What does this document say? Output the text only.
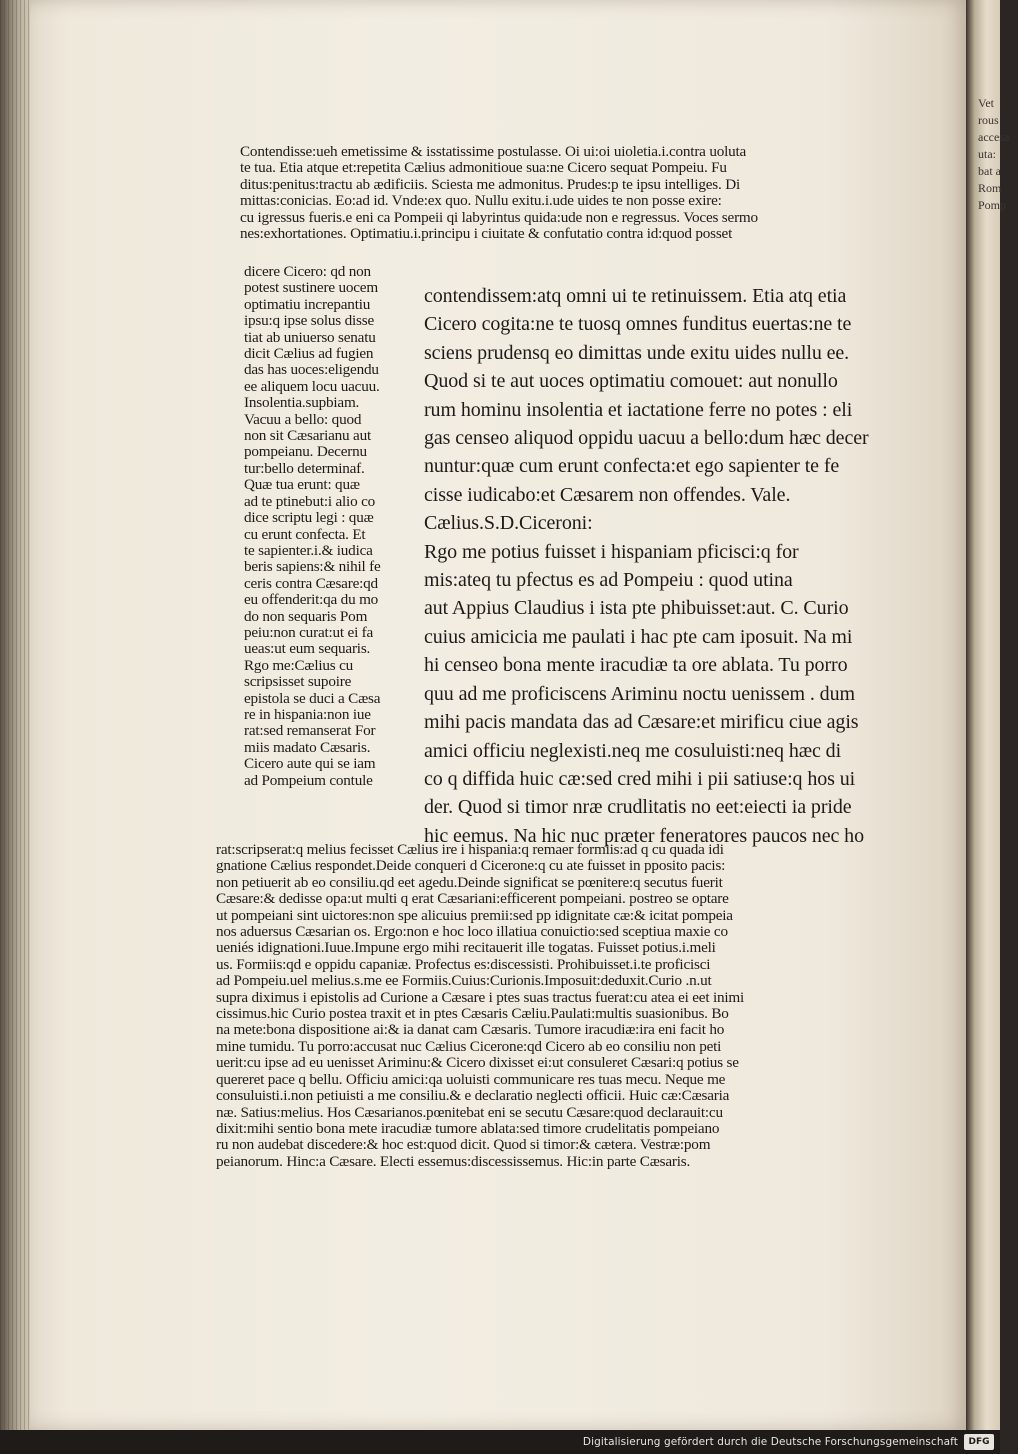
Vet
rous
accesa
uta:
bat a
Rom
Pomp
Contendisse:ueh emetissime & isstatissime postulasse. Oi ui:oi uioletia.i.contra uoluta
te tua. Etia atque et:repetita Cælius admonitioue sua:ne Cicero sequat Pompeiu. Fu
ditus:penitus:tractu ab ædificiis. Sciesta me admonitus. Prudes:p te ipsu intelliges. Di
mittas:conicias. Eo:ad id. Vnde:ex quo. Nullu exitu.i.ude uides te non posse exire:
cu igressus fueris.e eni ca Pompeii qi labyrintus quida:ude non e regressus. Voces sermo
nes:exhortationes. Optimatiu.i.principu i ciuitate & confutatio contra id:quod posset
dicere Cicero: qd non
potest sustinere uocem
optimatiu increpantiu
ipsu:q ipse solus disse
tiat ab uniuerso senatu
dicit Cælius ad fugien
das has uoces:eligendu
ee aliquem locu uacuu.
Insolentia.supbiam.
Vacuu a bello: quod
non sit Cæsarianu aut
pompeianu. Decernu
tur:bello determinaf.
Quæ tua erunt: quæ
ad te ptinebut:i alio co
dice scriptu legi : quæ
cu erunt confecta. Et
te sapienter.i.& iudica
beris sapiens:& nihil fe
ceris contra Cæsare:qd
eu offenderit:qa du mo
do non sequaris Pom
peiu:non curat:ut ei fa
ueas:ut eum sequaris.
Rgo me:Cælius cu
scripsisset supoire
epistola se duci a Cæsa
re in hispania:non iue
rat:sed remanserat For
miis madato Cæsaris.
Cicero aute qui se iam
ad Pompeium contule
contendissem:atq omni ui te retinuissem. Etia atq etia
Cicero cogita:ne te tuosq omnes funditus euertas:ne te
sciens prudensq eo dimittas unde exitu uides nullu ee.
Quod si te aut uoces optimatiu comouet: aut nonullo
rum hominu insolentia et iactatione ferre no potes : eli
gas censeo aliquod oppidu uacuu a bello:dum hæc decer
nuntur:quæ cum erunt confecta:et ego sapienter te fe
cisse iudicabo:et Cæsarem non offendes. Vale.
Cælius.S.D.Ciceroni:
Rgo me potius fuisset i hispaniam pficisci:q for
mis:ateq tu pfectus es ad Pompeiu : quod utina
aut Appius Claudius i ista pte phibuisset:aut. C. Curio
cuius amicicia me paulati i hac pte cam iposuit. Na mi
hi censeo bona mente iracudiæ ta ore ablata. Tu porro
quu ad me proficiscens Ariminu noctu uenissem . dum
mihi pacis mandata das ad Cæsare:et mirificu ciue agis
amici officiu neglexisti.neq me cosuluisti:neq hæc di
co q diffida huic cæ:sed cred mihi i pii satiuse:q hos ui
der. Quod si timor nræ crudlitatis no eet:eiecti ia pride
hic eemus. Na hic nuc præter feneratores paucos nec ho
rat:scripserat:q melius fecisset Cælius ire i hispania:q remaer formiis:ad q cu quada idi
gnatione Cælius respondet.Deide conqueri d Cicerone:q cu ate fuisset in pposito pacis:
non petiuerit ab eo consiliu.qd eet agedu.Deinde significat se pœnitere:q secutus fuerit
Cæsare:& dedisse opa:ut multi q erat Cæsariani:efficerent pompeiani. postreo se optare
ut pompeiani sint uictores:non spe alicuius premii:sed pp idignitate cæ:& icitat pompeia
nos aduersus Cæsarian os. Ergo:non e hoc loco illatiua conuictio:sed sceptiua maxie co
ueniés idignationi.Iuue.Impune ergo mihi recitauerit ille togatas. Fuisset potius.i.meli
us. Formiis:qd e oppidu capaniæ. Profectus es:discessisti. Prohibuisset.i.te proficisci
ad Pompeiu.uel melius.s.me ee Formiis.Cuius:Curionis.Imposuit:deduxit.Curio .n.ut
supra diximus i epistolis ad Curione a Cæsare i ptes suas tractus fuerat:cu atea ei eet inimi
cissimus.hic Curio postea traxit et in ptes Cæsaris Cæliu.Paulati:multis suasionibus. Bo
na mete:bona dispositione ai:& ia danat cam Cæsaris. Tumore iracudiæ:ira eni facit ho
mine tumidu. Tu porro:accusat nuc Cælius Cicerone:qd Cicero ab eo consiliu non peti
uerit:cu ipse ad eu uenisset Ariminu:& Cicero dixisset ei:ut consuleret Cæsari:q potius se
quereret pace q bellu. Officiu amici:qa uoluisti communicare res tuas mecu. Neque me
consuluisti.i.non petiuisti a me consiliu.& e declaratio neglecti officii. Huic cæ:Cæsaria
næ. Satius:melius. Hos Cæsarianos.pœnitebat eni se secutu Cæsare:quod declarauit:cu
dixit:mihi sentio bona mete iracudiæ tumore ablata:sed timore crudelitatis pompeiano
ru non audebat discedere:& hoc est:quod dicit. Quod si timor:& cætera. Vestræ:pom
peianorum. Hinc:a Cæsare. Electi essemus:discessissemus. Hic:in parte Cæsaris.
Digitalisierung gefördert durch die Deutsche Forschungsgemeinschaft	DFG
